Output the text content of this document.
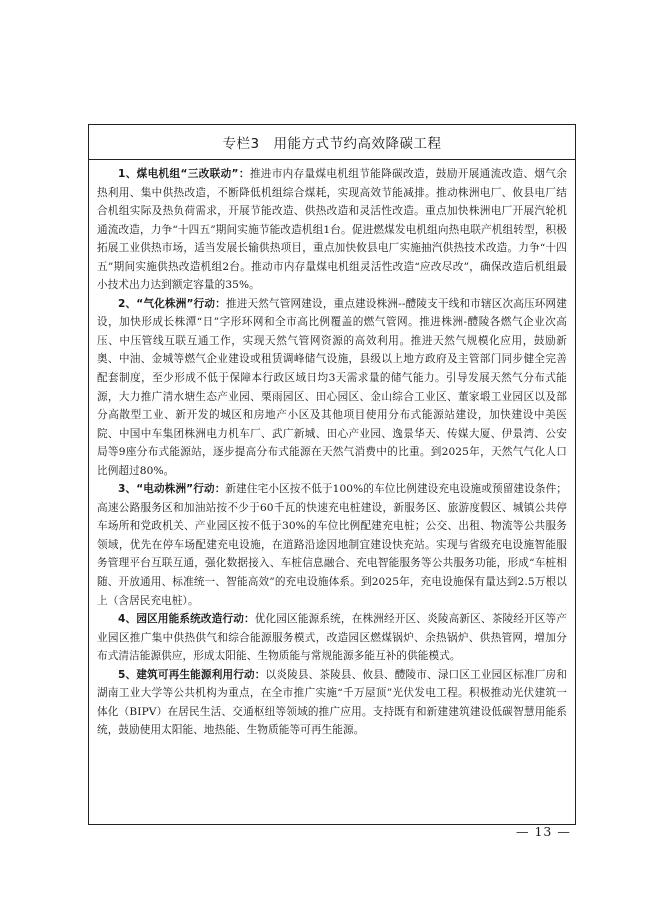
专栏3　用能方式节约高效降碳工程

1、煤电机组“三改联动”：推进市内存量煤电机组节能降碳改造，鼓励开展通流改造、烟气余热利用、集中供热改造，不断降低机组综合煤耗，实现高效节能减排。推动株洲电厂、攸县电厂结合机组实际及热负荷需求，开展节能改造、供热改造和灵活性改造。重点加快株洲电厂开展汽轮机通流改造，力争“十四五”期间实施节能改造机组1台。促进燃煤发电机组向热电联产机组转型，积极拓展工业供热市场，适当发展长输供热项目，重点加快攸县电厂实施抽汽供热技术改造。力争“十四五”期间实施供热改造机组2台。推动市内存量煤电机组灵活性改造“应改尽改”，确保改造后机组最小技术出力达到额定容量的35%。

2、“气化株洲”行动：推进天然气管网建设，重点建设株洲--醴陵支干线和市辖区次高压环网建设，加快形成长株潭“日”字形环网和全市高比例覆盖的燃气管网。推进株洲-醴陵各燃气企业次高压、中压管线互联互通工作，实现天然气管网资源的高效利用。推进天然气规模化应用，鼓励新奥、中油、金城等燃气企业建设或租赁调峰储气设施，县级以上地方政府及主管部门同步健全完善配套制度，至少形成不低于保障本行政区域日均3天需求量的储气能力。引导发展天然气分布式能源，大力推广清水塘生态产业园、栗雨园区、田心园区、金山综合工业区、董家塅工业园区以及部分高散型工业、新开发的城区和房地产小区及其他项目使用分布式能源站建设，加快建设中美医院、中国中车集团株洲电力机车厂、武广新城、田心产业园、逸景华天、传媒大厦、伊景湾、公安局等9座分布式能源站，逐步提高分布式能源在天然气消费中的比重。到2025年，天然气气化人口比例超过80%。

3、“电动株洲”行动：新建住宅小区按不低于100%的车位比例建设充电设施或预留建设条件；高速公路服务区和加油站按不少于60千瓦的快速充电桩建设，新服务区、旅游度假区、城镇公共停车场所和党政机关、产业园区按不低于30%的车位比例配建充电桩；公交、出租、物流等公共服务领域，优先在停车场配建充电设施，在道路沿途因地制宜建设快充站。实现与省级充电设施智能服务管理平台互联互通，强化数据接入、车桩信息融合、充电智能服务等公共服务功能，形成“车桩相随、开放通用、标准统一、智能高效”的充电设施体系。到2025年，充电设施保有量达到2.5万根以上（含居民充电桩）。

4、园区用能系统改造行动：优化园区能源系统，在株洲经开区、炎陵高新区、茶陵经开区等产业园区推广集中供热供气和综合能源服务模式，改造园区燃煤锅炉、余热锅炉、供热管网，增加分布式清洁能源供应，形成太阳能、生物质能与常规能源多能互补的供能模式。

5、建筑可再生能源利用行动：以炎陵县、茶陵县、攸县、醴陵市、渌口区工业园区标准厂房和湖南工业大学等公共机构为重点，在全市推广实施“千万屋顶”光伏发电工程。积极推动光伏建筑一体化（BIPV）在居民生活、交通枢纽等领域的推广应用。支持既有和新建建筑建设低碳智慧用能系统，鼓励使用太阳能、地热能、生物质能等可再生能源。

— 13 —
